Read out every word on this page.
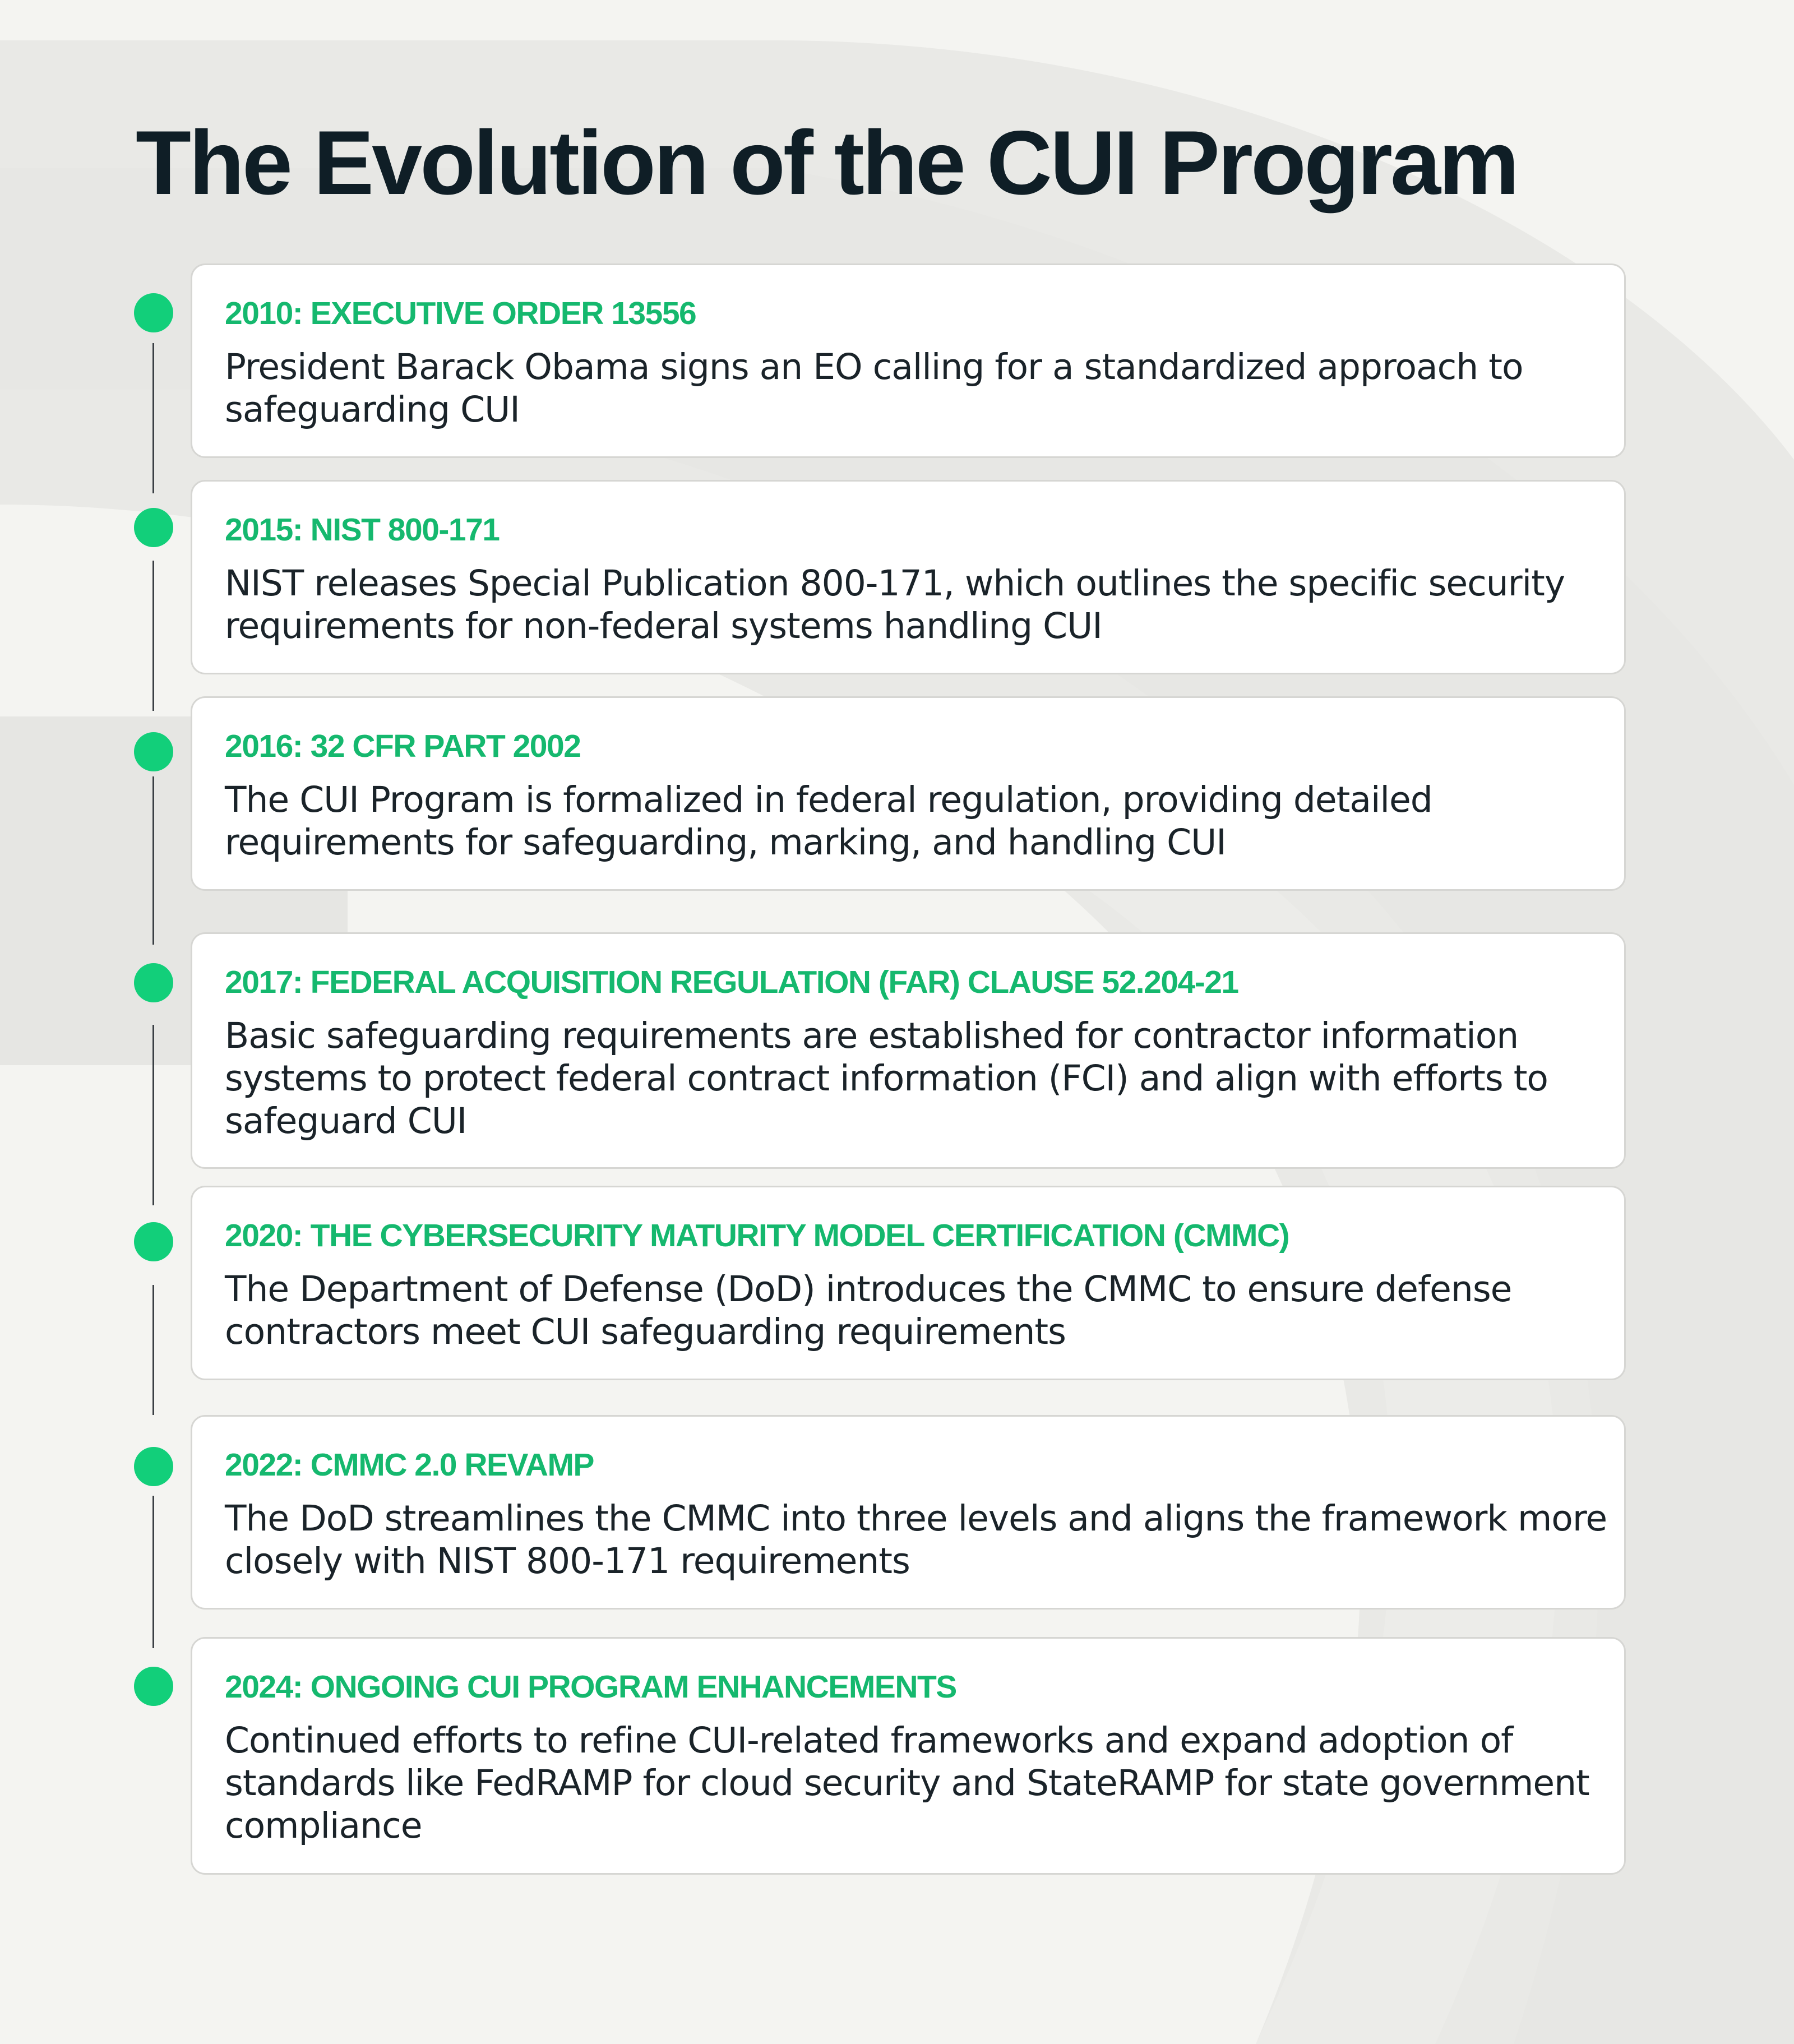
The Evolution of the CUI Program
2010: EXECUTIVE ORDER 13556

President Barack Obama signs an EO calling for a standardized approach to safeguarding CUI

2015: NIST 800-171

NIST releases Special Publication 800-171, which outlines the specific security requirements for non-federal systems handling CUI

2016: 32 CFR PART 2002

The CUI Program is formalized in federal regulation, providing detailed requirements for safeguarding, marking, and handling CUI

2017: FEDERAL ACQUISITION REGULATION (FAR) CLAUSE 52.204-21

Basic safeguarding requirements are established for contractor information systems to protect federal contract information (FCI) and align with efforts to safeguard CUI

2020: THE CYBERSECURITY MATURITY MODEL CERTIFICATION (CMMC)

The Department of Defense (DoD) introduces the CMMC to ensure defense contractors meet CUI safeguarding requirements

2022: CMMC 2.0 REVAMP

The DoD streamlines the CMMC into three levels and aligns the framework more closely with NIST 800-171 requirements

2024: ONGOING CUI PROGRAM ENHANCEMENTS

Continued efforts to refine CUI-related frameworks and expand adoption of standards like FedRAMP for cloud security and StateRAMP for state government compliance
